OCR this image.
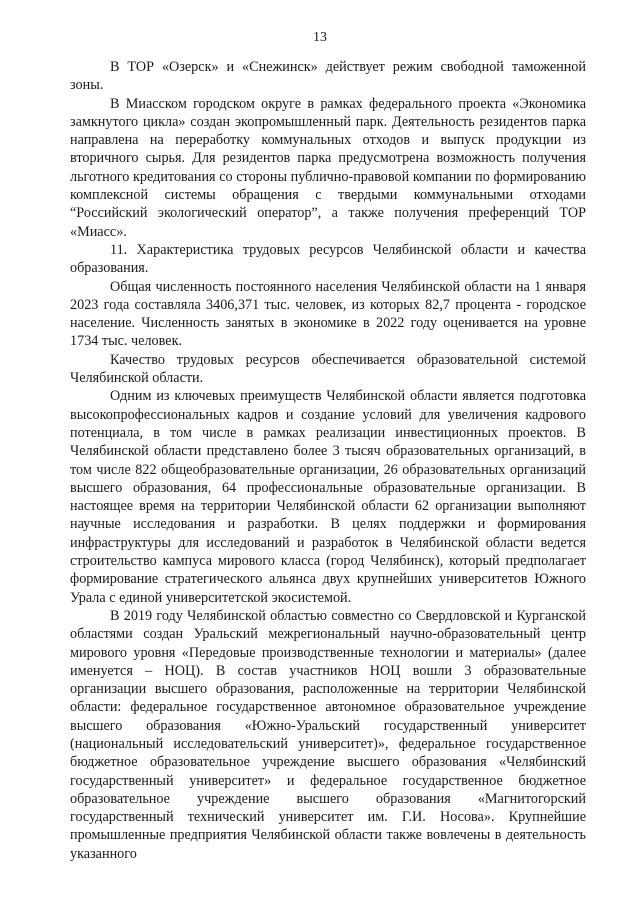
13

В ТОР «Озерск» и «Снежинск» действует режим свободной таможенной зоны.

В Миасском городском округе в рамках федерального проекта «Экономика замкнутого цикла» создан экопромышленный парк. Деятельность резидентов парка направлена на переработку коммунальных отходов и выпуск продукции из вторичного сырья. Для резидентов парка предусмотрена возможность получения льготного кредитования со стороны публично-правовой компании по формированию комплексной системы обращения с твердыми коммунальными отходами “Российский экологический оператор”, а также получения преференций ТОР «Миасс».

11. Характеристика трудовых ресурсов Челябинской области и качества образования.

Общая численность постоянного населения Челябинской области на 1 января 2023 года составляла 3406,371 тыс. человек, из которых 82,7 процента - городское население. Численность занятых в экономике в 2022 году оценивается на уровне 1734 тыс. человек.

Качество трудовых ресурсов обеспечивается образовательной системой Челябинской области.

Одним из ключевых преимуществ Челябинской области является подготовка высокопрофессиональных кадров и создание условий для увеличения кадрового потенциала, в том числе в рамках реализации инвестиционных проектов. В Челябинской области представлено более 3 тысяч образовательных организаций, в том числе 822 общеобразовательные организации, 26 образовательных организаций высшего образования, 64 профессиональные образовательные организации. В настоящее время на территории Челябинской области 62 организации выполняют научные исследования и разработки. В целях поддержки и формирования инфраструктуры для исследований и разработок в Челябинской области ведется строительство кампуса мирового класса (город Челябинск), который предполагает формирование стратегического альянса двух крупнейших университетов Южного Урала с единой университетской экосистемой.

В 2019 году Челябинской областью совместно со Свердловской и Курганской областями создан Уральский межрегиональный научно-образовательный центр мирового уровня «Передовые производственные технологии и материалы» (далее именуется – НОЦ). В состав участников НОЦ вошли 3 образовательные организации высшего образования, расположенные на территории Челябинской области: федеральное государственное автономное образовательное учреждение высшего образования «Южно-Уральский государственный университет (национальный исследовательский университет)», федеральное государственное бюджетное образовательное учреждение высшего образования «Челябинский государственный университет» и федеральное государственное бюджетное образовательное учреждение высшего образования «Магнитогорский государственный технический университет им. Г.И. Носова». Крупнейшие промышленные предприятия Челябинской области также вовлечены в деятельность указанного
